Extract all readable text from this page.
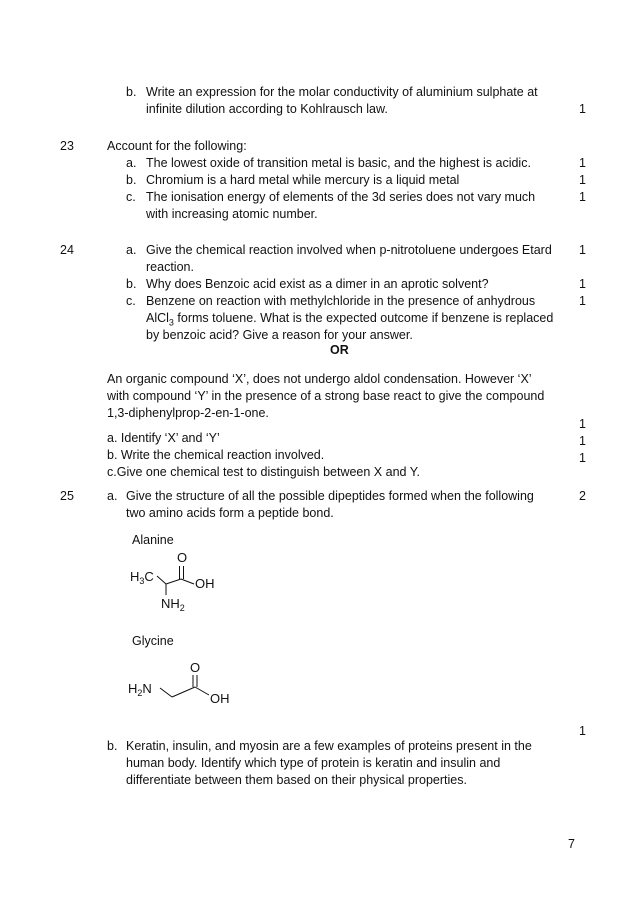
b. Write an expression for the molar conductivity of aluminium sulphate at
infinite dilution according to Kohlrausch law.	1
23	Account for the following:
a. The lowest oxide of transition metal is basic, and the highest is acidic.	1
b. Chromium is a hard metal while mercury is a liquid metal	1
c. The ionisation energy of elements of the 3d series does not vary much
with increasing atomic number.
1
24	a. Give the chemical reaction involved when p-nitrotoluene undergoes Etard
reaction.
1
b. Why does Benzoic acid exist as a dimer in an aprotic solvent?	1
c. Benzene on reaction with methylchloride in the presence of anhydrous
AlCl$_3$ forms toluene. What is the expected outcome if benzene is replaced
by benzoic acid? Give a reason for your answer.
1
OR
An organic compound ‘X’, does not undergo aldol condensation. However ‘X’
with compound ‘Y’ in the presence of a strong base react to give the compound
1,3-diphenylprop-2-en-1-one.
a. Identify ‘X’ and ‘Y’
b. Write the chemical reaction involved.
c.Give one chemical test to distinguish between X and Y.
1
1
1
25	a. Give the structure of all the possible dipeptides formed when the following
two amino acids form a peptide bond.
2
Alanine
O
$H_3C$	OH
$NH_2$
Glycine
O
$H_2N$
OH
1
b. Keratin, insulin, and myosin are a few examples of proteins present in the
human body. Identify which type of protein is keratin and insulin and
differentiate between them based on their physical properties.
7
